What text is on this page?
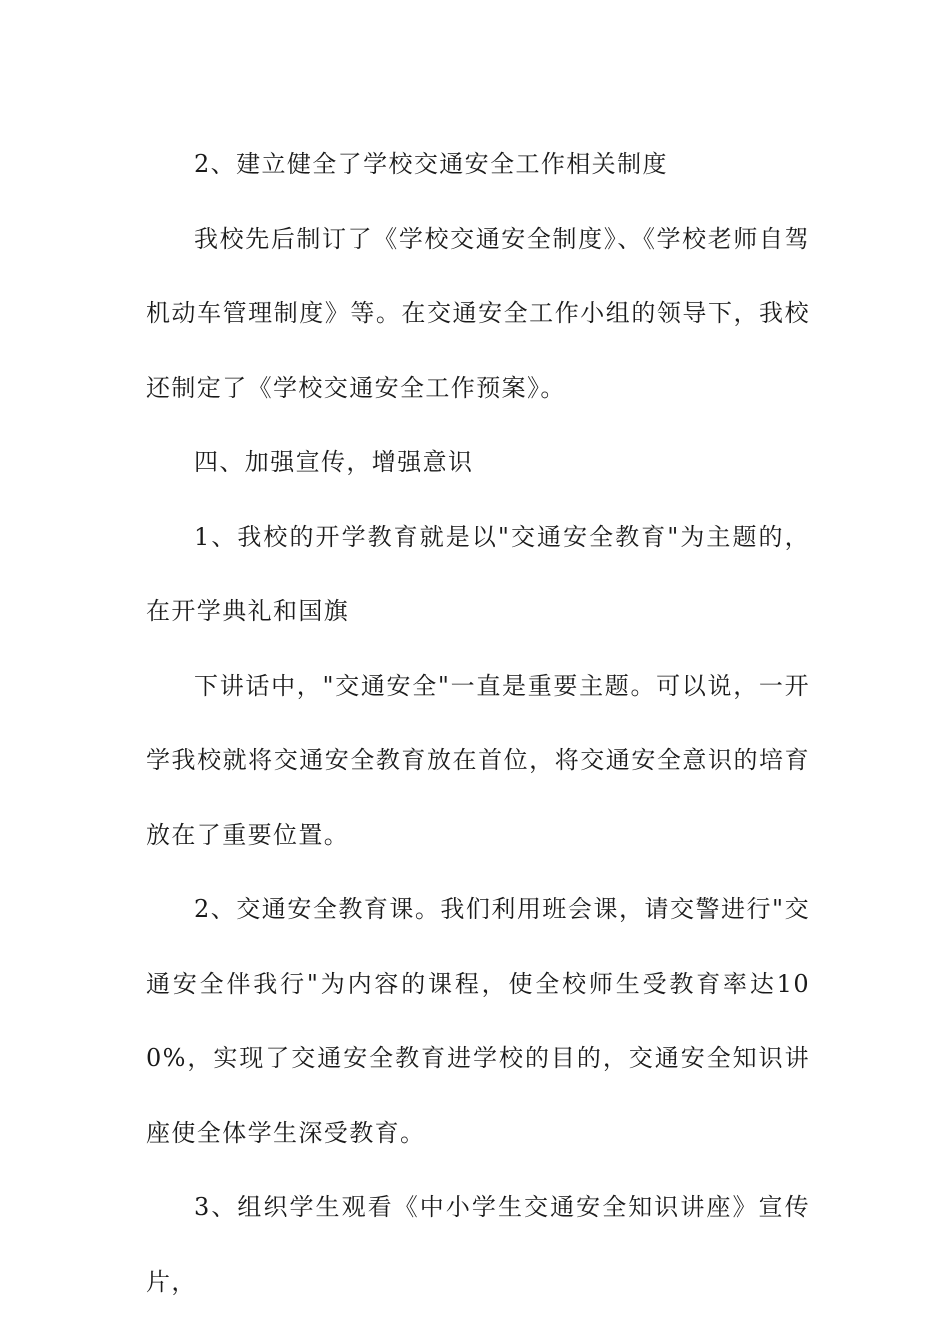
2、建立健全了学校交通安全工作相关制度

我校先后制订了《学校交通安全制度》、《学校老师自驾机动车管理制度》等。在交通安全工作小组的领导下，我校还制定了《学校交通安全工作预案》。

四、加强宣传，增强意识

1、我校的开学教育就是以"交通安全教育"为主题的，在开学典礼和国旗

下讲话中，"交通安全"一直是重要主题。可以说，一开学我校就将交通安全教育放在首位，将交通安全意识的培育放在了重要位置。

2、交通安全教育课。我们利用班会课，请交警进行"交通安全伴我行"为内容的课程，使全校师生受教育率达100%，实现了交通安全教育进学校的目的，交通安全知识讲座使全体学生深受教育。

3、组织学生观看《中小学生交通安全知识讲座》宣传片，
